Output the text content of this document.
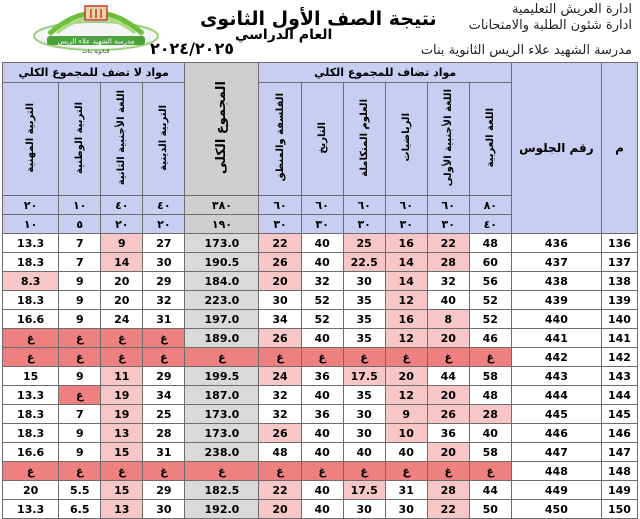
ادارة العريش التعليمية
ادارة شئون الطلبة والامتحانات
مدرسة الشهيد علاء الريس الثانوية بنات
نتيجة الصف الأول الثانوى
العام الدراسي
٢٠٢٤/٢٠٢٥
مدرسة الشهيد علاء الريس
الثانوية بنات
م	رقم الجلوس	مواد تضاف للمجموع الكلي						المجموع الكلى	مواد لا تضف للمجموع الكلي			
		اللغة العربية	اللغة الأجنبية الأولى	الرياضيات	العلوم المتكاملة	التاريخ	الفلسفة والمنطق		التربية الدينية	اللغة الأجنبية الثانية	التربية الوطنية	التربية المهنية
		٨٠	٦٠	٦٠	٦٠	٦٠	٦٠	٣٨٠	٤٠	٤٠	١٠	٢٠
		٤٠	٣٠	٣٠	٣٠	٣٠	٣٠	١٩٠	٢٠	٢٠	٥	١٠
136	436	48	22	16	25	40	22	173.0	27	9	7	13.3
137	437	60	28	14	22.5	40	26	190.5	30	14	7	18.3
138	438	56	32	14	30	32	20	184.0	29	20	9	8.3
139	439	52	40	12	35	52	30	223.0	32	20	9	18.3
140	440	52	8	16	35	52	34	197.0	31	24	9	16.6
141	441	46	20	12	35	40	26	189.0	غ	غ	غ	غ
142	442	غ	غ	غ	غ	غ	غ	غ	غ	غ	غ	غ
143	443	58	44	20	17.5	36	24	199.5	29	11	9	15
144	444	48	20	12	35	40	32	187.0	34	19	غ	13.3
145	445	28	26	9	30	36	32	173.0	25	19	7	18.3
146	446	40	36	10	30	40	26	173.0	28	13	9	18.3
147	447	58	20	40	40	40	48	238.0	31	15	9	16.6
148	448	غ	غ	غ	غ	غ	غ	غ	غ	غ	غ	غ
149	449	44	28	31	17.5	40	22	182.5	29	15	5.5	20
150	450	50	22	30	30	40	20	192.0	30	13	6.5	13.3
